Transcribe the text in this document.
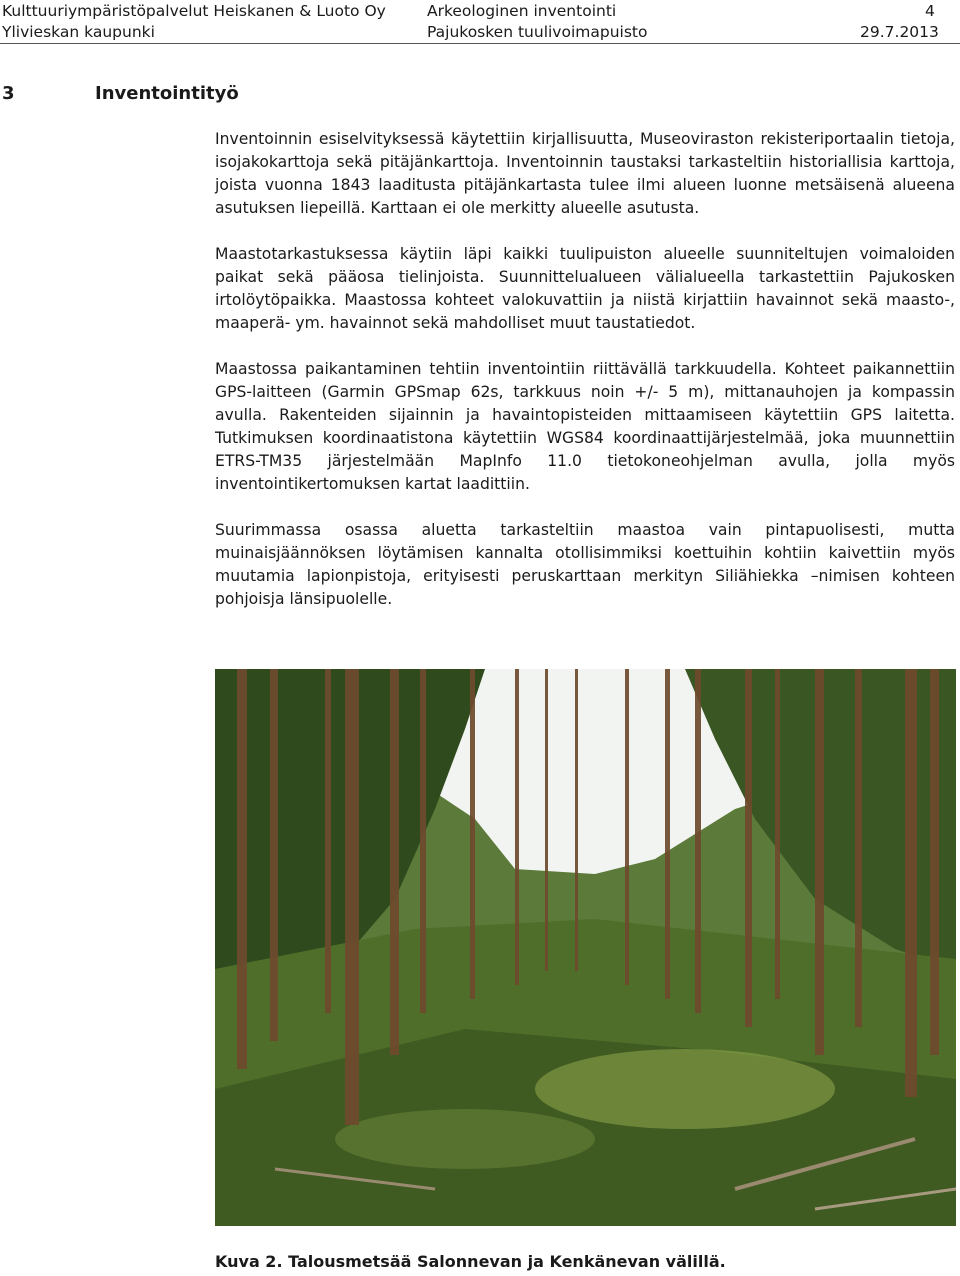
Kulttuuriympäristöpalvelut Heiskanen & Luoto Oy	Arkeologinen inventointi	4
Ylivieskan kaupunki	Pajukosken tuulivoimapuisto	29.7.2013
3	Inventointityö

Inventoinnin esiselvityksessä käytettiin kirjallisuutta, Museoviraston rekisteriportaalin tietoja, isojakokarttoja sekä pitäjänkarttoja. Inventoinnin taustaksi tarkasteltiin historiallisia karttoja, joista vuonna 1843 laaditusta pitäjänkartasta tulee ilmi alueen luonne metsäisenä alueena asutuksen liepeillä. Karttaan ei ole merkitty alueelle asutusta.

Maastotarkastuksessa käytiin läpi kaikki tuulipuiston alueelle suunniteltujen voimaloiden paikat sekä pääosa tielinjoista. Suunnittelualueen välialueella tarkastettiin Pajukosken irtolöytöpaikka. Maastossa kohteet valokuvattiin ja niistä kirjattiin havainnot sekä maasto-, maaperä- ym. havainnot sekä mahdolliset muut taustatiedot.

Maastossa paikantaminen tehtiin inventointiin riittävällä tarkkuudella. Kohteet paikannettiin GPS-laitteen (Garmin GPSmap 62s, tarkkuus noin +/- 5 m), mittanauhojen ja kompassin avulla. Rakenteiden sijainnin ja havaintopisteiden mittaamiseen käytettiin GPS laitetta. Tutkimuksen koordinaatistona käytettiin WGS84 koordinaattijärjestelmää, joka muunnettiin ETRS-TM35 järjestelmään MapInfo 11.0 tietokoneohjelman avulla, jolla myös inventointikertomuksen kartat laadittiin.

Suurimmassa osassa aluetta tarkasteltiin maastoa vain pintapuolisesti, mutta muinaisjäännöksen löytämisen kannalta otollisimmiksi koettuihin kohtiin kaivettiin myös muutamia lapionpistoja, erityisesti peruskarttaan merkityn Siliähiekka –nimisen kohteen pohjoisja länsipuolelle.

Kuva 2. Talousmetsää Salonnevan ja Kenkänevan välillä.
